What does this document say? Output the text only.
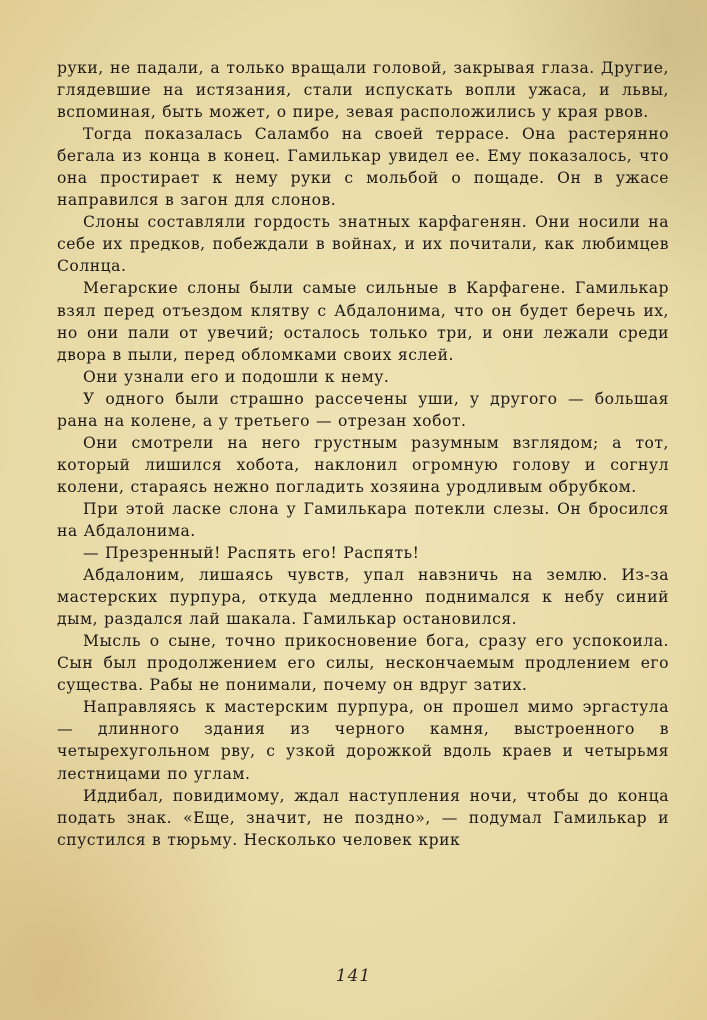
руки, не падали, а только вращали головой, закрывая глаза. Другие, глядевшие на истязания, стали испускать вопли ужаса, и львы, вспоминая, быть может, о пире, зевая расположились у края рвов.

Тогда показалась Саламбо на своей террасе. Она растерянно бегала из конца в конец. Гамилькар увидел ее. Ему показалось, что она простирает к нему руки с мольбой о пощаде. Он в ужасе направился в загон для слонов.

Слоны составляли гордость знатных карфагенян. Они носили на себе их предков, побеждали в войнах, и их почитали, как любимцев Солнца.

Мегарские слоны были самые сильные в Карфагене. Гамилькар взял перед отъездом клятву с Абдалонима, что он будет беречь их, но они пали от увечий; осталось только три, и они лежали среди двора в пыли, перед обломками своих яслей.

Они узнали его и подошли к нему.

У одного были страшно рассечены уши, у другого — большая рана на колене, а у третьего — отрезан хобот.

Они смотрели на него грустным разумным взглядом; а тот, который лишился хобота, наклонил огромную голову и согнул колени, стараясь нежно погладить хозяина уродливым обрубком.

При этой ласке слона у Гамилькара потекли слезы. Он бросился на Абдалонима.

— Презренный! Распять его! Распять!

Абдалоним, лишаясь чувств, упал навзничь на землю. Из-за мастерских пурпура, откуда медленно поднимался к небу синий дым, раздался лай шакала. Гамилькар остановился.

Мысль о сыне, точно прикосновение бога, сразу его успокоила. Сын был продолжением его силы, нескончаемым продлением его существа. Рабы не понимали, почему он вдруг затих.

Направляясь к мастерским пурпура, он прошел мимо эргастула — длинного здания из черного камня, выстроенного в четырехугольном рву, с узкой дорожкой вдоль краев и четырьмя лестницами по углам.

Иддибал, повидимому, ждал наступления ночи, чтобы до конца подать знак. «Еще, значит, не поздно», — подумал Гамилькар и спустился в тюрьму. Несколько человек крик

141
